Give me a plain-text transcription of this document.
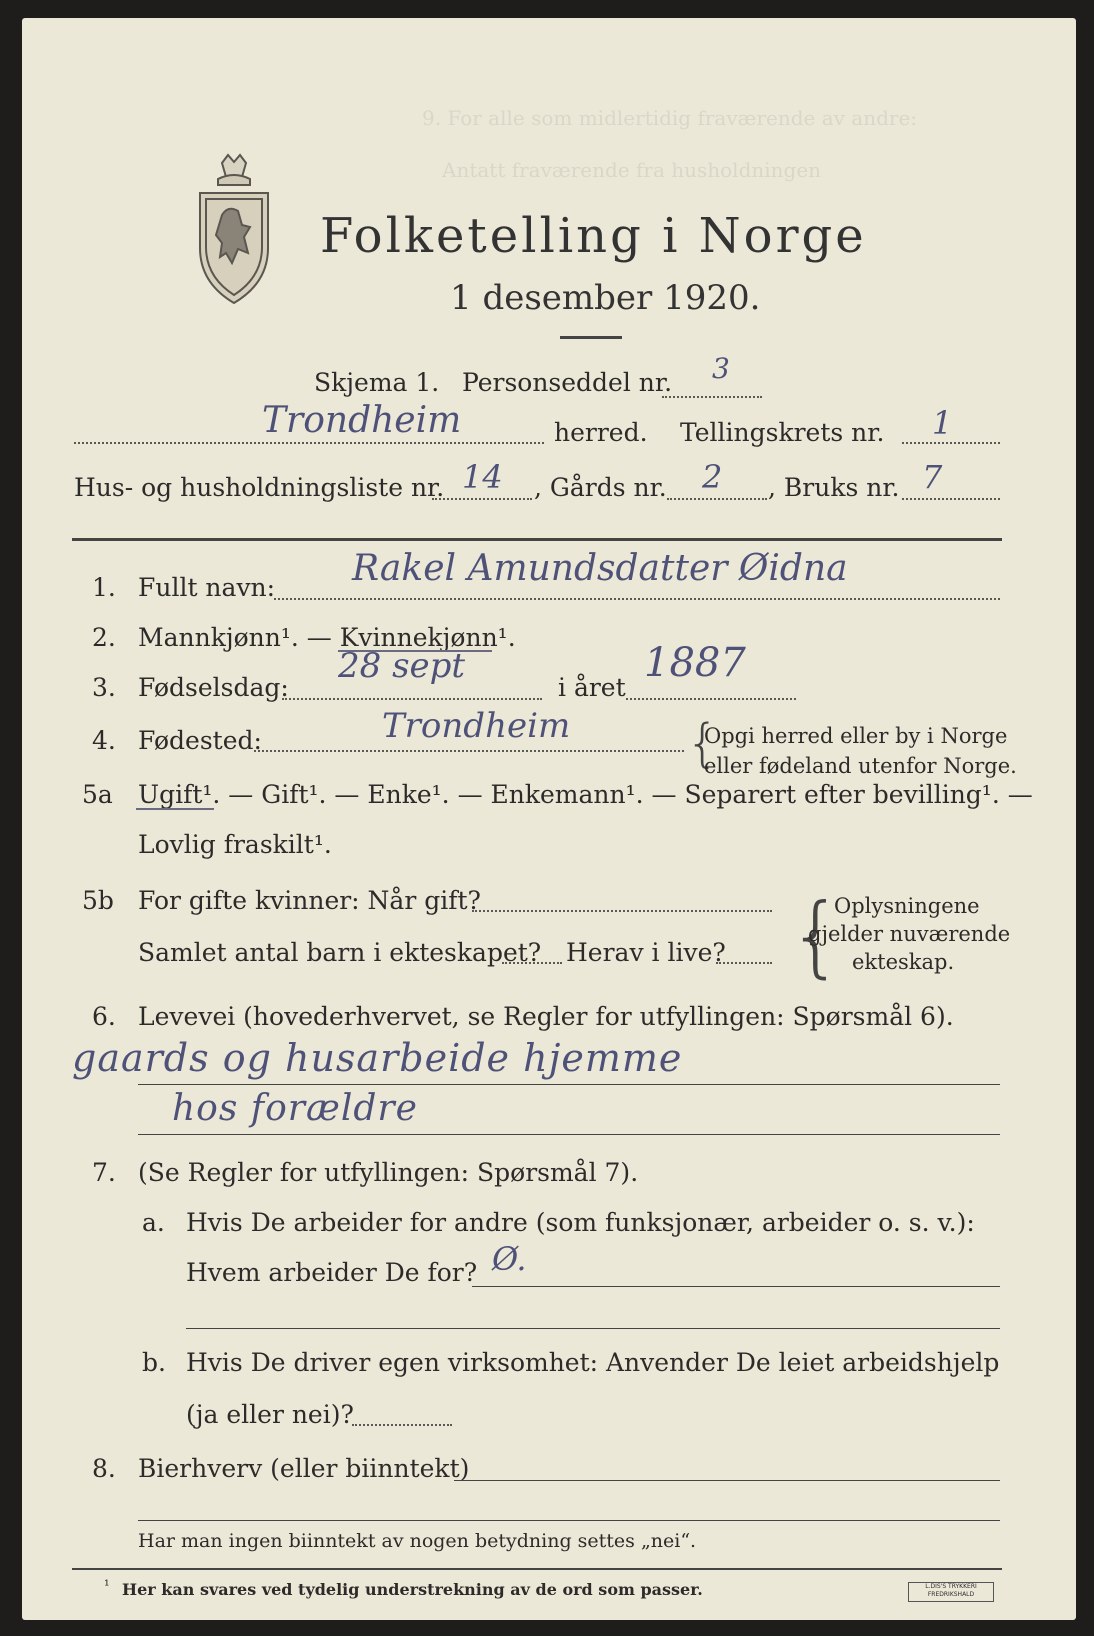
9. For alle som midlertidig fraværende av andre:
Antatt fraværende fra husholdningen
Folketelling i Norge
1 desember 1920.
Skjema 1. Personseddel nr. 3
Trondheim	herred. Tellingskrets nr. 1
Hus- og husholdningsliste nr. 14 , Gårds nr. 2 , Bruks nr. 7
1. Fullt navn: Rakel Amundsdatter Øidna
2. Mannkjønn¹. — Kvinnekjønn¹.
3. Fødselsdag:
28 sept
i året
1887
4. Fødested:	Trondheim {
Opgi herred eller by i Norge
eller fødeland utenfor Norge.
5a Ugift¹. — Gift¹. — Enke¹. — Enkemann¹. — Separert efter bevilling¹. —
Lovlig fraskilt¹.
5b For gifte kvinner: Når gift?
Samlet antal barn i ekteskapet? Herav i live? {
Oplysningene
gjelder nuværende
ekteskap.
6. Levevei (hovederhvervet, se Regler for utfyllingen: Spørsmål 6).
gaards og husarbeide hjemme
hos forældre
7. (Se Regler for utfyllingen: Spørsmål 7).
a. Hvis De arbeider for andre (som funksjonær, arbeider o. s. v.):
Hvem arbeider De for? Ø.
b. Hvis De driver egen virksomhet: Anvender De leiet arbeidshjelp
(ja eller nei)?
8. Bierhverv (eller biinntekt)
Har man ingen biinntekt av nogen betydning settes „nei“.
¹ Her kan svares ved tydelig understrekning av de ord som passer.	L.DIS'S TRYKKERI FREDRIKSHALD
